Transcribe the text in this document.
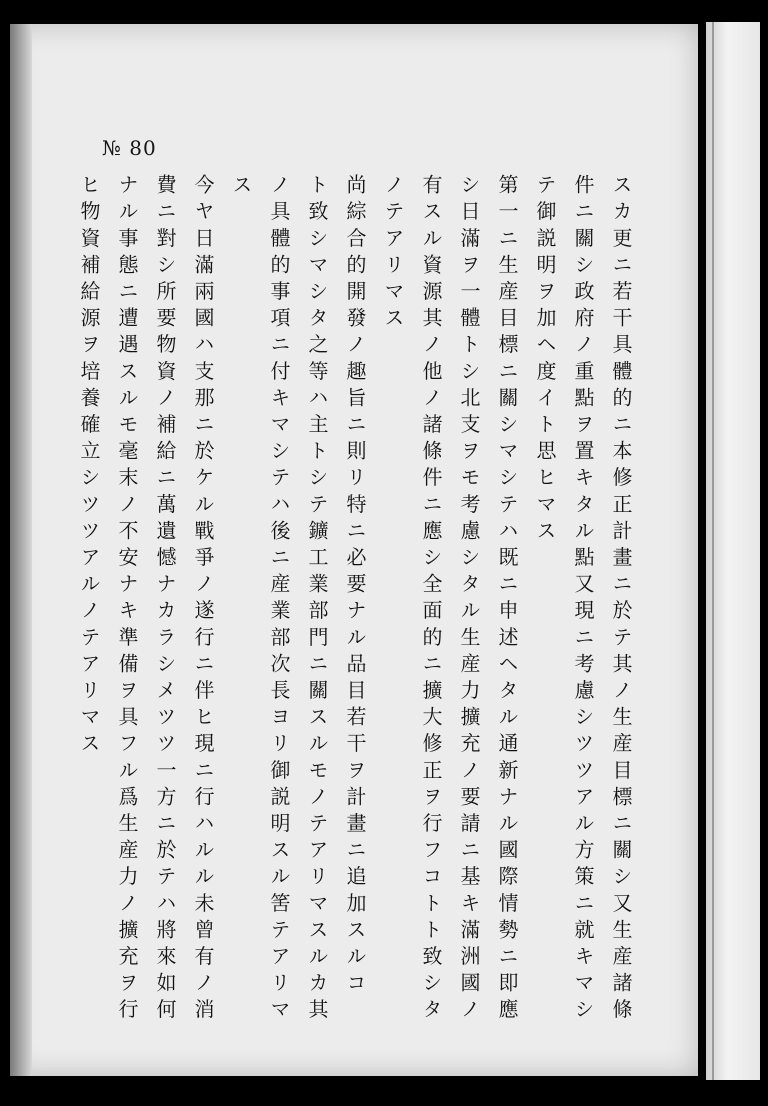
№ 80
スカ更ニ若干具體的ニ本修正計畫ニ於テ其ノ生産目標ニ關シ又生産諸條
件ニ關シ政府ノ重點ヲ置キタル點又現ニ考慮シツツアル方策ニ就キマシ
テ御説明ヲ加ヘ度イト思ヒマス
第一ニ生産目標ニ關シマシテハ既ニ申述ヘタル通新ナル國際情勢ニ即應
シ日滿ヲ一體トシ北支ヲモ考慮シタル生産力擴充ノ要請ニ基キ滿洲國ノ
有スル資源其ノ他ノ諸條件ニ應シ全面的ニ擴大修正ヲ行フコトト致シタ
ノテアリマス
尚綜合的開發ノ趣旨ニ則リ特ニ必要ナル品目若干ヲ計畫ニ追加スルコ
ト致シマシタ之等ハ主トシテ鑛工業部門ニ關スルモノテアリマスルカ其
ノ具體的事項ニ付キマシテハ後ニ産業部次長ヨリ御説明スル筈テアリマ
ス
今ヤ日滿兩國ハ支那ニ於ケル戰爭ノ遂行ニ伴ヒ現ニ行ハルル未曾有ノ消
費ニ對シ所要物資ノ補給ニ萬遺憾ナカラシメツツ一方ニ於テハ將來如何
ナル事態ニ遭遇スルモ毫末ノ不安ナキ準備ヲ具フル爲生産力ノ擴充ヲ行
ヒ物資補給源ヲ培養確立シツツアルノテアリマス
